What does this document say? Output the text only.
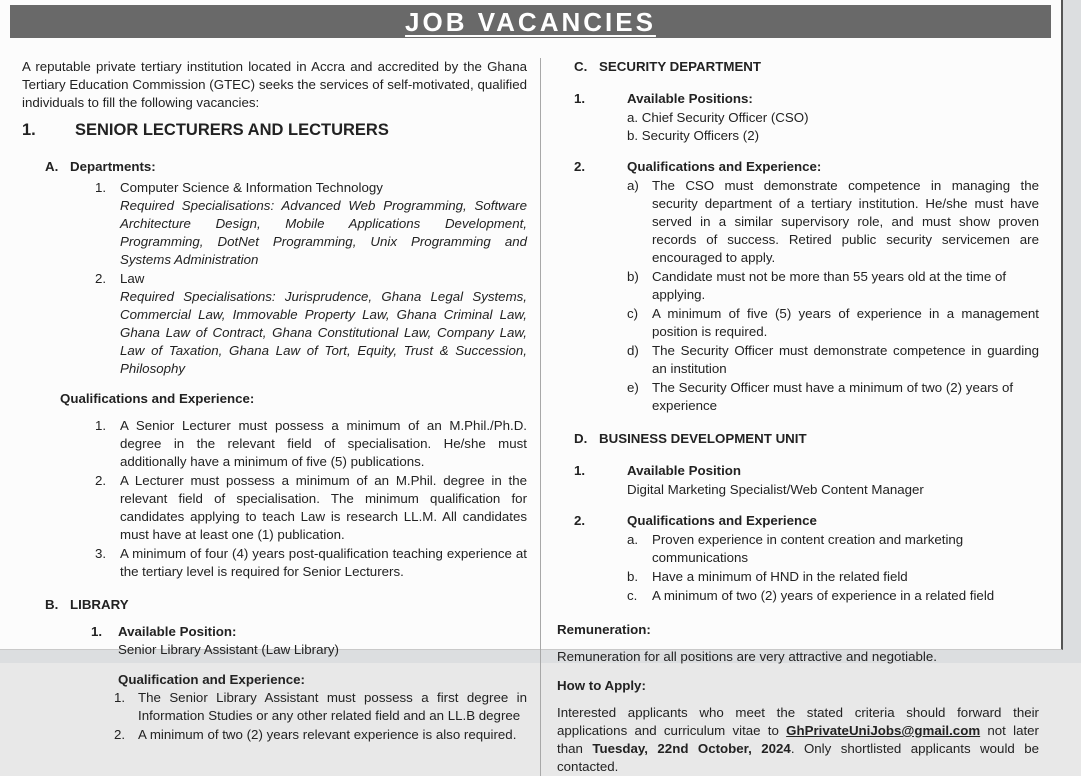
JOB VACANCIES

A reputable private tertiary institution located in Accra and accredited by the Ghana Tertiary Education Commission (GTEC) seeks the services of self-motivated, qualified individuals to fill the following vacancies:

1.	SENIOR LECTURERS AND LECTURERS
A. Departments:
1.	Computer Science & Information Technology
Required Specialisations: Advanced Web Programming, Software Architecture Design, Mobile Applications Development, Programming, DotNet Programming, Unix Programming and Systems Administration
2.	Law
Required Specialisations: Jurisprudence, Ghana Legal Systems, Commercial Law, Immovable Property Law, Ghana Criminal Law, Ghana Law of Contract, Ghana Constitutional Law, Company Law, Law of Taxation, Ghana Law of Tort, Equity, Trust & Succession, Philosophy
Qualifications and Experience:
1.	A Senior Lecturer must possess a minimum of an M.Phil./Ph.D. degree in the relevant field of specialisation. He/she must additionally have a minimum of five (5) publications.
2.	A Lecturer must possess a minimum of an M.Phil. degree in the relevant field of specialisation. The minimum qualification for candidates applying to teach Law is research LL.M. All candidates must have at least one (1) publication.
3.	A minimum of four (4) years post-qualification teaching experience at the tertiary level is required for Senior Lecturers.
B. LIBRARY
1.	Available Position:
Senior Library Assistant (Law Library)
Qualification and Experience:
1. The Senior Library Assistant must possess a first degree in Information Studies or any other related field and an LL.B degree
2. A minimum of two (2) years relevant experience is also required.
C. SECURITY DEPARTMENT
1.	Available Positions:
a. Chief Security Officer (CSO)
b. Security Officers (2)
2.	Qualifications and Experience:
a) The CSO must demonstrate competence in managing the security department of a tertiary institution. He/she must have served in a similar supervisory role, and must show proven records of success. Retired public security servicemen are encouraged to apply.
b) Candidate must not be more than 55 years old at the time of applying.
c)	A minimum of five (5) years of experience in a management position is required.
d) The Security Officer must demonstrate competence in guarding an institution
e) The Security Officer must have a minimum of two (2) years of experience
D. BUSINESS DEVELOPMENT UNIT
1.	Available Position
Digital Marketing Specialist/Web Content Manager
2.	Qualifications and Experience
a.	Proven experience in content creation and marketing communications
b.	Have a minimum of HND in the related field
c.	A minimum of two (2) years of experience in a related field
Remuneration:
Remuneration for all positions are very attractive and negotiable.
How to Apply:

Interested applicants who meet the stated criteria should forward their applications and curriculum vitae to GhPrivateUniJobs@gmail.com not later than Tuesday, 22nd October, 2024. Only shortlisted applicants would be contacted.
